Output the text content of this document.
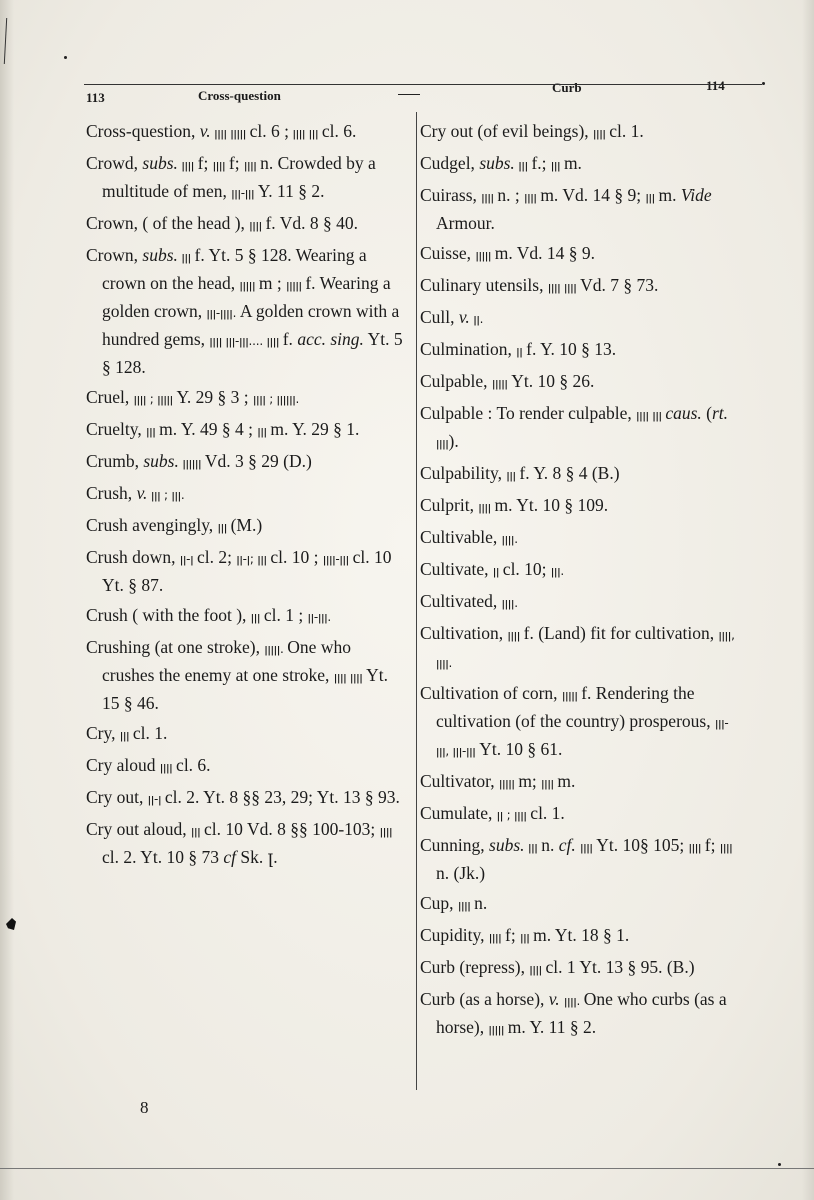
113	Cross-question
Curb	114
Cross-question, v. ꞁꞁꞁꞁ ꞁꞁꞁꞁꞁ cl. 6 ; ꞁꞁꞁꞁ ꞁꞁꞁ cl. 6.
Crowd, subs. ꞁꞁꞁꞁ f; ꞁꞁꞁꞁ f; ꞁꞁꞁꞁ n. Crowded by a multitude of men, ꞁꞁꞁ-ꞁꞁꞁ Y. 11 § 2.
Crown, ( of the head ), ꞁꞁꞁꞁ f. Vd. 8 § 40.
Crown, subs. ꞁꞁꞁ f. Yt. 5 § 128. Wearing a crown on the head, ꞁꞁꞁꞁꞁ m ; ꞁꞁꞁꞁꞁ f. Wearing a golden crown, ꞁꞁꞁ-ꞁꞁꞁꞁ. A golden crown with a hundred gems, ꞁꞁꞁꞁ ꞁꞁꞁ-ꞁꞁꞁ.... ꞁꞁꞁꞁ f. acc. sing. Yt. 5 § 128.
Cruel, ꞁꞁꞁꞁ ; ꞁꞁꞁꞁꞁ Y. 29 § 3 ; ꞁꞁꞁꞁ ; ꞁꞁꞁꞁꞁꞁ.
Cruelty, ꞁꞁꞁ m. Y. 49 § 4 ; ꞁꞁꞁ m. Y. 29 § 1.
Crumb, subs. ꞁꞁꞁꞁꞁꞁ Vd. 3 § 29 (D.)
Crush, v. ꞁꞁꞁ ; ꞁꞁꞁ.
Crush avengingly, ꞁꞁꞁ (M.)
Crush down, ꞁꞁ-ꞁ cl. 2; ꞁꞁ-ꞁ; ꞁꞁꞁ cl. 10 ; ꞁꞁꞁꞁ-ꞁꞁꞁ cl. 10 Yt. § 87.
Crush ( with the foot ), ꞁꞁꞁ cl. 1 ; ꞁꞁ-ꞁꞁꞁ.
Crushing (at one stroke), ꞁꞁꞁꞁꞁ. One who crushes the enemy at one stroke, ꞁꞁꞁꞁ ꞁꞁꞁꞁ Yt. 15 § 46.
Cry, ꞁꞁꞁ cl. 1.
Cry aloud ꞁꞁꞁꞁ cl. 6.
Cry out, ꞁꞁ-ꞁ cl. 2. Yt. 8 §§ 23, 29; Yt. 13 § 93.
Cry out aloud, ꞁꞁꞁ cl. 10 Vd. 8 §§ 100-103; ꞁꞁꞁꞁ cl. 2. Yt. 10 § 73 cf Sk. ꞁ.
Cry out (of evil beings), ꞁꞁꞁꞁ cl. 1.
Cudgel, subs. ꞁꞁꞁ f.; ꞁꞁꞁ m.
Cuirass, ꞁꞁꞁꞁ n. ; ꞁꞁꞁꞁ m. Vd. 14 § 9; ꞁꞁꞁ m. Vide Armour.
Cuisse, ꞁꞁꞁꞁꞁ m. Vd. 14 § 9.
Culinary utensils, ꞁꞁꞁꞁ ꞁꞁꞁꞁ Vd. 7 § 73.
Cull, v. ꞁꞁ.
Culmination, ꞁꞁ f. Y. 10 § 13.
Culpable, ꞁꞁꞁꞁꞁ Yt. 10 § 26.
Culpable : To render culpable, ꞁꞁꞁꞁ ꞁꞁꞁ caus. (rt. ꞁꞁꞁꞁ).
Culpability, ꞁꞁꞁ f. Y. 8 § 4 (B.)
Culprit, ꞁꞁꞁꞁ m. Yt. 10 § 109.
Cultivable, ꞁꞁꞁꞁ.
Cultivate, ꞁꞁ cl. 10; ꞁꞁꞁ.
Cultivated, ꞁꞁꞁꞁ.
Cultivation, ꞁꞁꞁꞁ f. (Land) fit for cultivation, ꞁꞁꞁꞁ, ꞁꞁꞁꞁ.
Cultivation of corn, ꞁꞁꞁꞁꞁ f. Rendering the cultivation (of the country) prosperous, ꞁꞁꞁ-ꞁꞁꞁ, ꞁꞁꞁ-ꞁꞁꞁ Yt. 10 § 61.
Cultivator, ꞁꞁꞁꞁꞁ m; ꞁꞁꞁꞁ m.
Cumulate, ꞁꞁ ; ꞁꞁꞁꞁ cl. 1.
Cunning, subs. ꞁꞁꞁ n. cf. ꞁꞁꞁꞁ Yt. 10§ 105; ꞁꞁꞁꞁ f; ꞁꞁꞁꞁ n. (Jk.)
Cup, ꞁꞁꞁꞁ n.
Cupidity, ꞁꞁꞁꞁ f; ꞁꞁꞁ m. Yt. 18 § 1.
Curb (repress), ꞁꞁꞁꞁ cl. 1 Yt. 13 § 95. (B.)
Curb (as a horse), v. ꞁꞁꞁꞁ. One who curbs (as a horse), ꞁꞁꞁꞁꞁ m. Y. 11 § 2.
8
